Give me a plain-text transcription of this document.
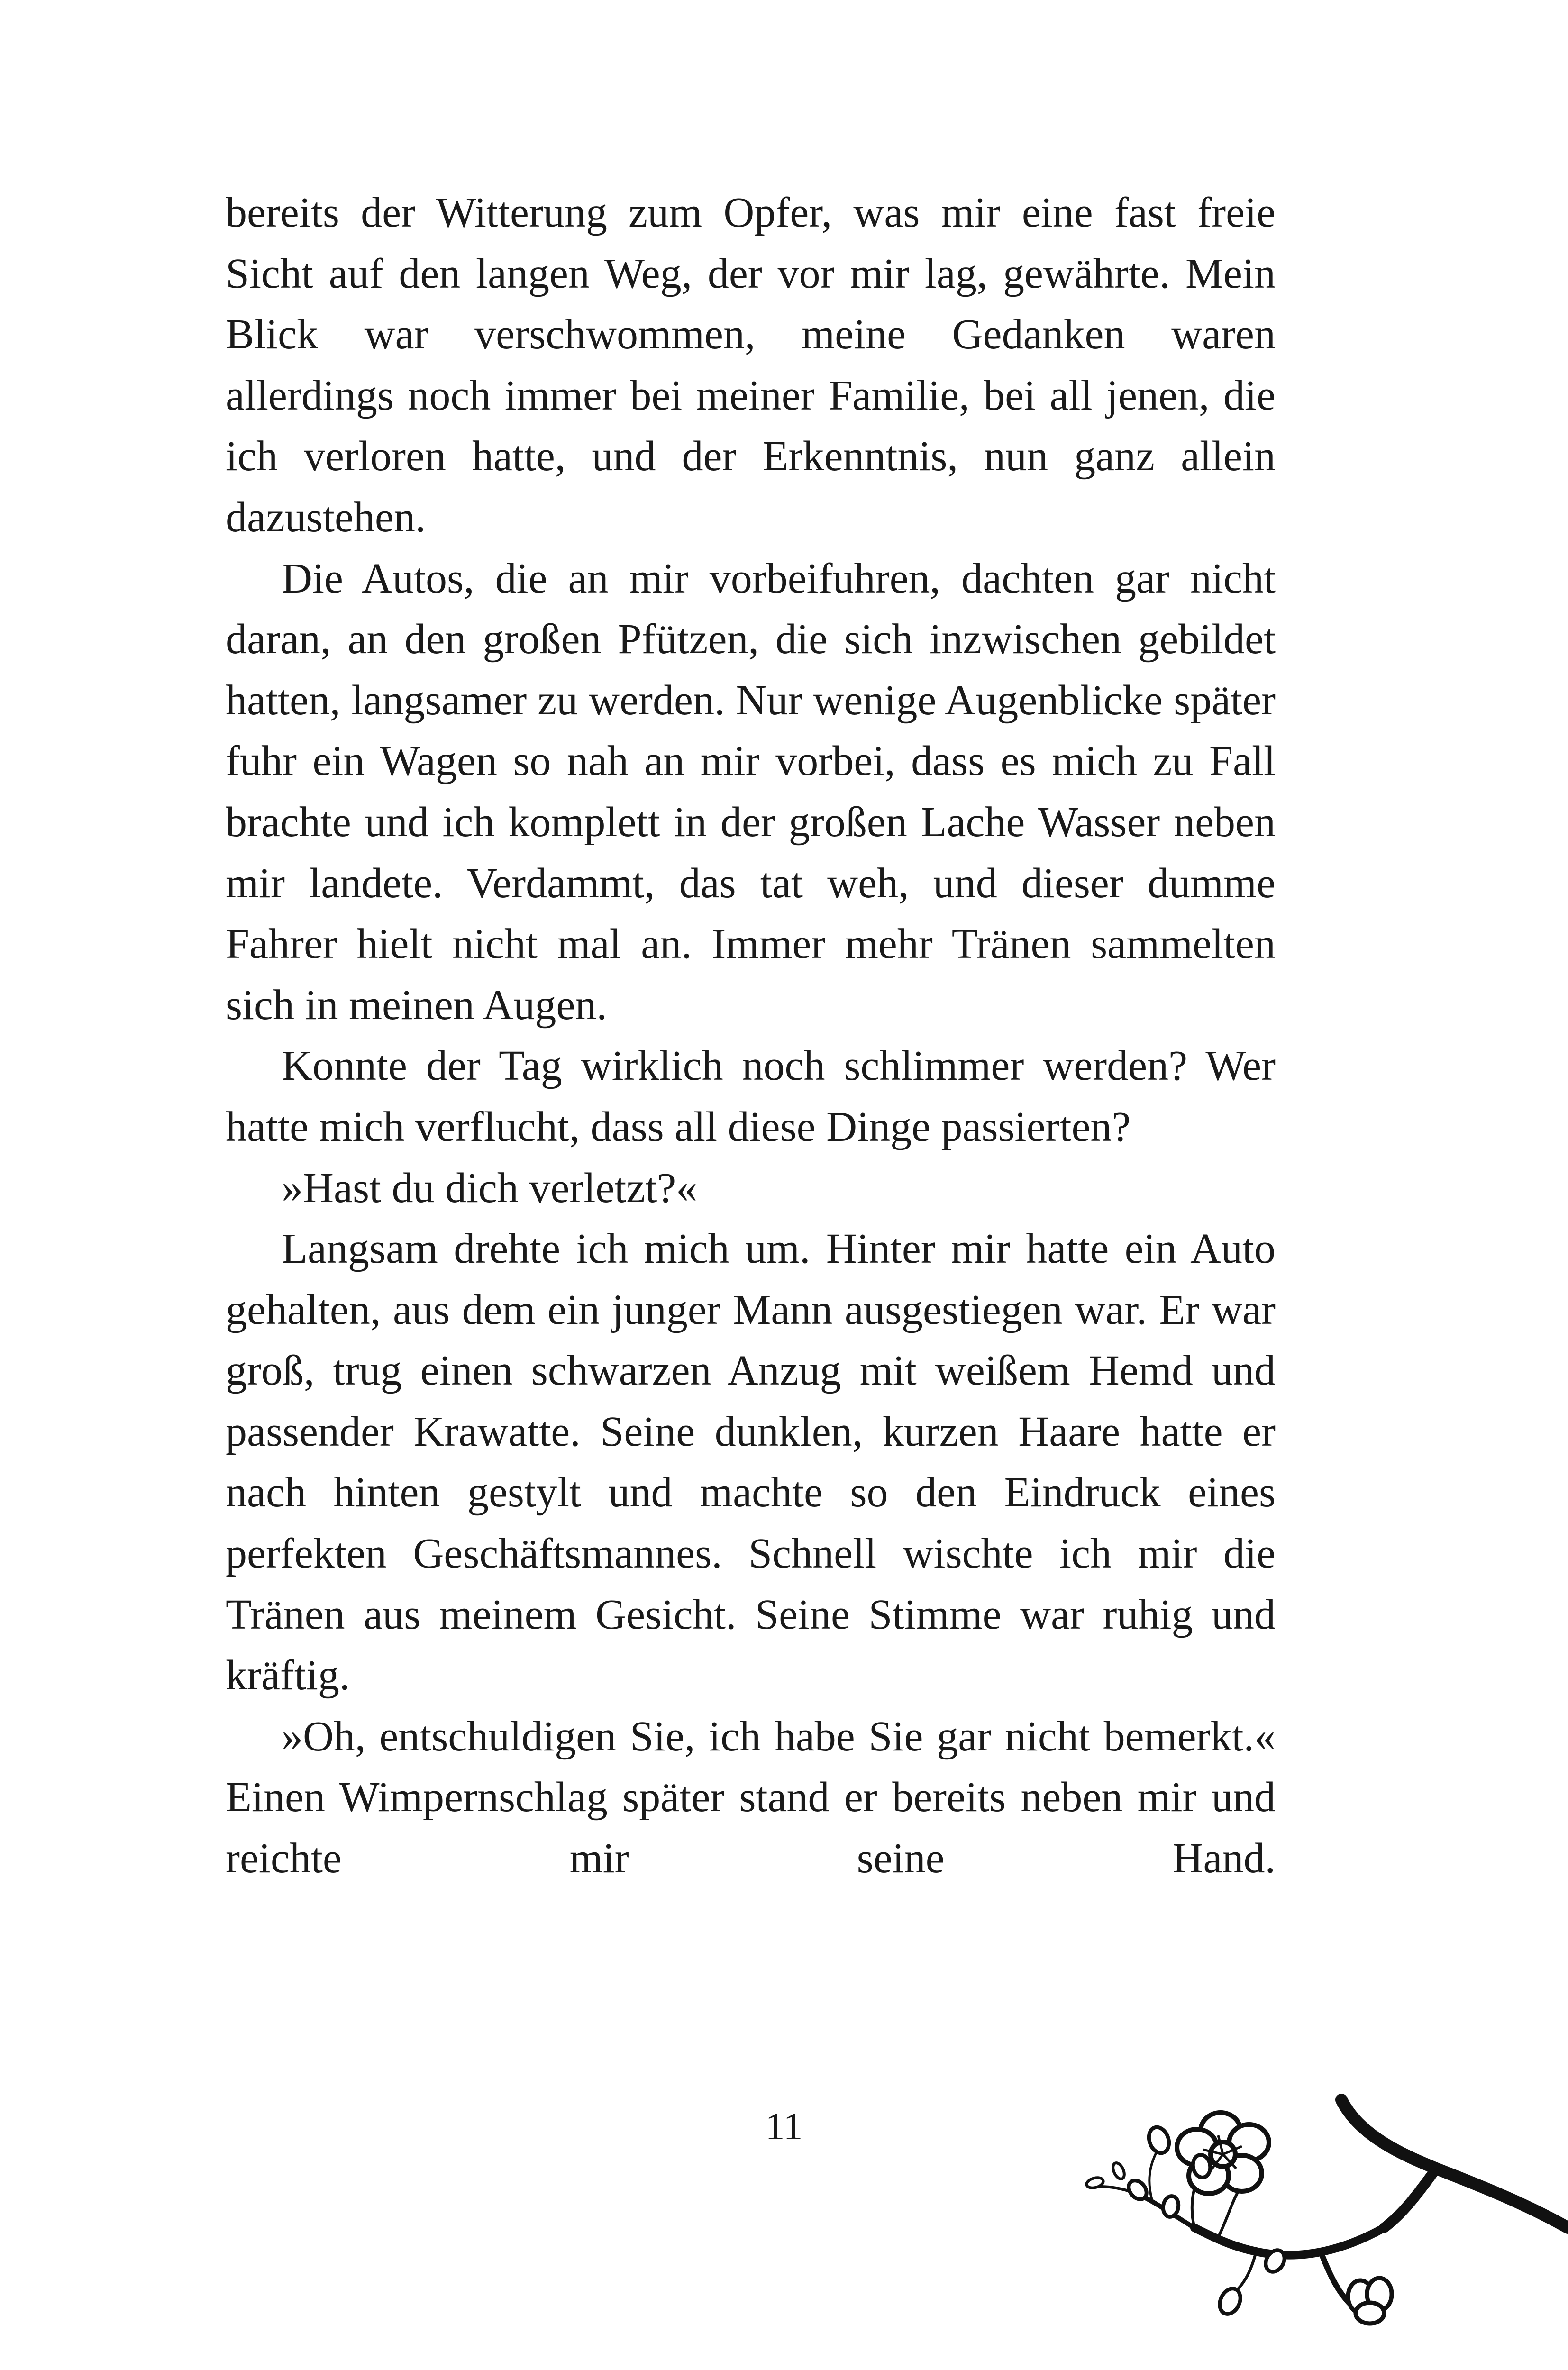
bereits der Witterung zum Opfer, was mir eine fast freie Sicht auf den langen Weg, der vor mir lag, gewährte. Mein Blick war verschwommen, meine Gedanken waren allerdings noch immer bei meiner Familie, bei all jenen, die ich verloren hatte, und der Erkenntnis, nun ganz allein dazustehen.

Die Autos, die an mir vorbeifuhren, dachten gar nicht daran, an den großen Pfützen, die sich inzwischen gebildet hatten, langsamer zu werden. Nur wenige Augenblicke später fuhr ein Wagen so nah an mir vorbei, dass es mich zu Fall brachte und ich komplett in der großen Lache Wasser neben mir landete. Verdammt, das tat weh, und dieser dumme Fahrer hielt nicht mal an. Immer mehr Tränen sammelten sich in meinen Augen.

Konnte der Tag wirklich noch schlimmer werden? Wer hatte mich verflucht, dass all diese Dinge passierten?

»Hast du dich verletzt?«

Langsam drehte ich mich um. Hinter mir hatte ein Auto gehalten, aus dem ein junger Mann ausgestiegen war. Er war groß, trug einen schwarzen Anzug mit weißem Hemd und passender Krawatte. Seine dunklen, kurzen Haare hatte er nach hinten gestylt und machte so den Eindruck eines perfekten Geschäftsmannes. Schnell wischte ich mir die Tränen aus meinem Gesicht. Seine Stimme war ruhig und kräftig.

»Oh, entschuldigen Sie, ich habe Sie gar nicht bemerkt.« Einen Wimpernschlag später stand er bereits neben mir und reichte mir seine Hand.

11
